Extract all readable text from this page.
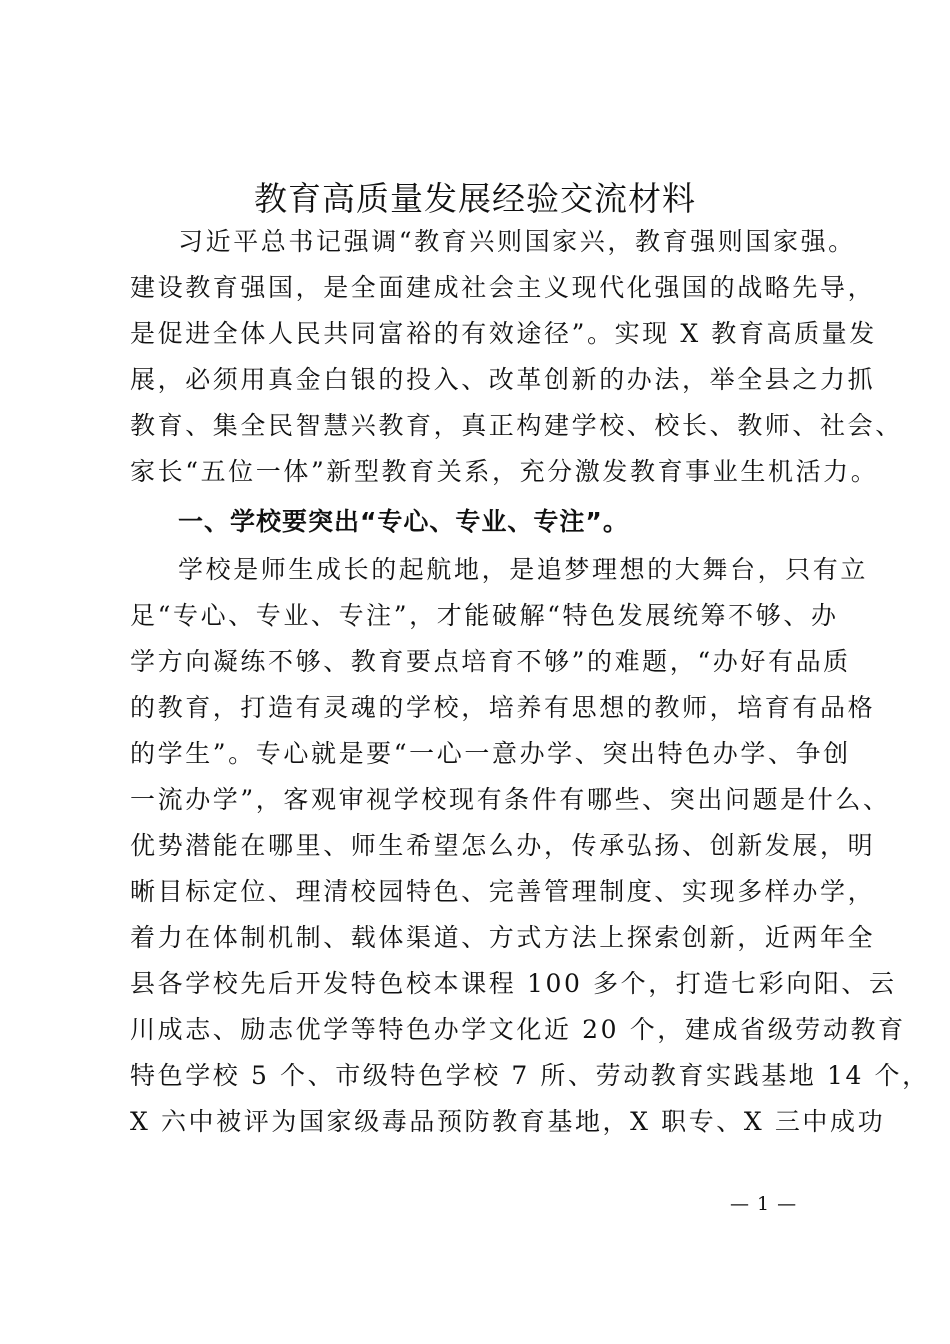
教育高质量发展经验交流材料
习近平总书记强调“教育兴则国家兴，教育强则国家强。
建设教育强国，是全面建成社会主义现代化强国的战略先导，
是促进全体人民共同富裕的有效途径”。实现 X 教育高质量发
展，必须用真金白银的投入、改革创新的办法，举全县之力抓
教育、集全民智慧兴教育，真正构建学校、校长、教师、社会、
家长“五位一体”新型教育关系，充分激发教育事业生机活力。
一、学校要突出“专心、专业、专注”。
学校是师生成长的起航地，是追梦理想的大舞台，只有立
足“专心、专业、专注”，才能破解“特色发展统筹不够、办
学方向凝练不够、教育要点培育不够”的难题，“办好有品质
的教育，打造有灵魂的学校，培养有思想的教师，培育有品格
的学生”。专心就是要“一心一意办学、突出特色办学、争创
一流办学”，客观审视学校现有条件有哪些、突出问题是什么、
优势潜能在哪里、师生希望怎么办，传承弘扬、创新发展，明
晰目标定位、理清校园特色、完善管理制度、实现多样办学，
着力在体制机制、载体渠道、方式方法上探索创新，近两年全
县各学校先后开发特色校本课程 100 多个，打造七彩向阳、云
川成志、励志优学等特色办学文化近 20 个，建成省级劳动教育
特色学校 5 个、市级特色学校 7 所、劳动教育实践基地 14 个，
X 六中被评为国家级毒品预防教育基地，X 职专、X 三中成功
— 1 —
